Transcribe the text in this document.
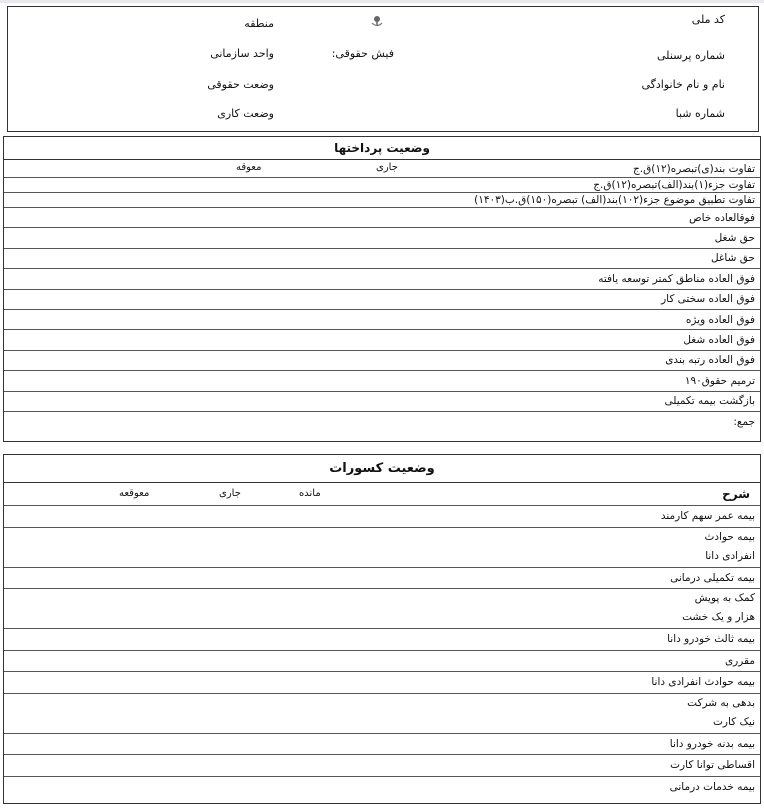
کد ملی
منطقه
شماره پرسنلی
فیش حقوقی:
واحد سازمانی
نام و نام خانوادگی
وضعت حقوقی
شماره شبا
وضعت کاری
وضعیت پرداختها
تفاوت بند(ی)تبصره(۱۲)ق.ج
جاری
معوقه
تفاوت جزء(۱)بند(الف)تبصره(۱۲)ق.ج
تفاوت تطبیق موضوع جزء(۱۰۲)بند(الف) تبصره(۱۵۰)ق.ب(۱۴۰۳)
فوقالعاده خاص
حق شغل
حق شاغل
فوق العاده مناطق کمتر توسعه یافته
فوق العاده سختی کار
فوق العاده ویژه
فوق العاده شغل
فوق العاده رتبه بندی
ترمیم حقوق۱۹۰
بازگشت بیمه تکمیلی
جمع:
وضعیت کسورات
شرح
مانده
جاری
معوقعه
بیمه عمر سهم کارمند
بیمه حوادث
انفرادی دانا
بیمه تکمیلی درمانی
کمک به پویش
هزار و یک خشت
بیمه ثالث خودرو دانا
مقرری
بیمه حوادث انفرادی دانا
بدهی به شرکت
نیک کارت
بیمه بدنه خودرو دانا
اقساطی توانا کارت
بیمه خدمات درمانی
